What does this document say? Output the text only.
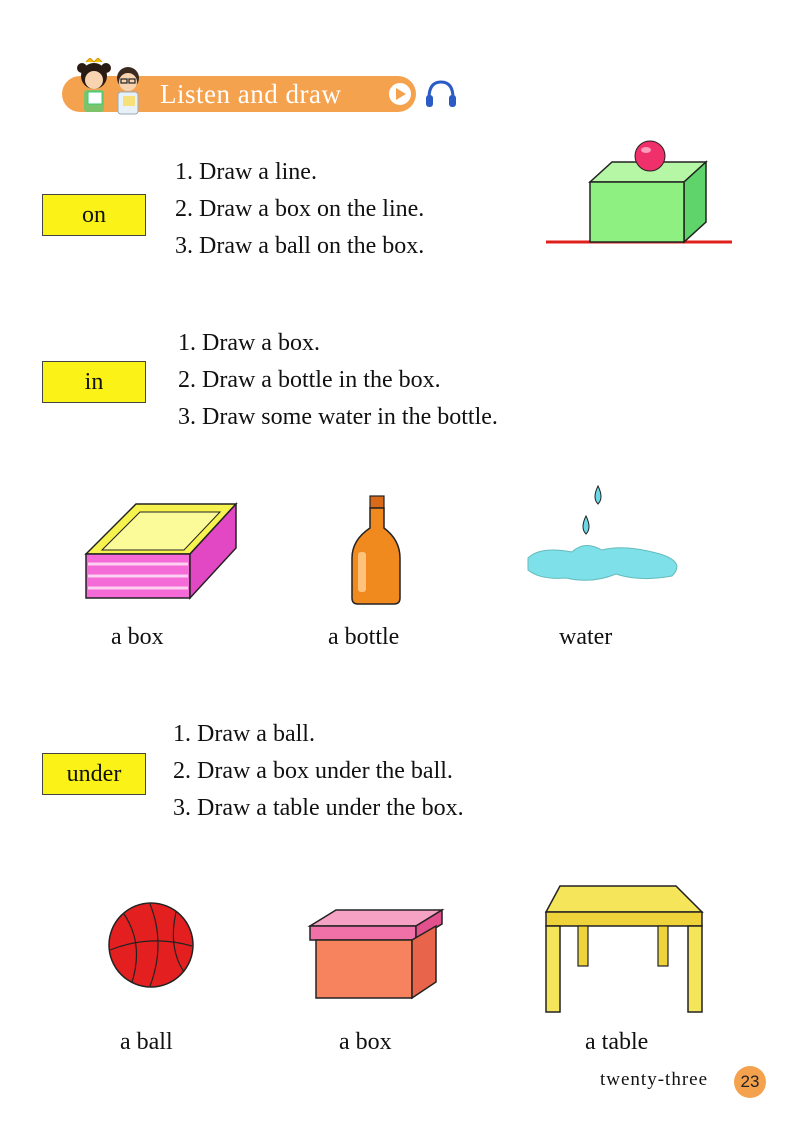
Listen and draw
on
1. Draw a line.
2. Draw a box on the line.
3. Draw a ball on the box.
in
1. Draw a box.
2. Draw a bottle in the box.
3. Draw some water in the bottle.
a box	a bottle	water
under
1. Draw a ball.
2. Draw a box under the ball.
3. Draw a table under the box.
a ball	a box	a table
twenty-three	23
